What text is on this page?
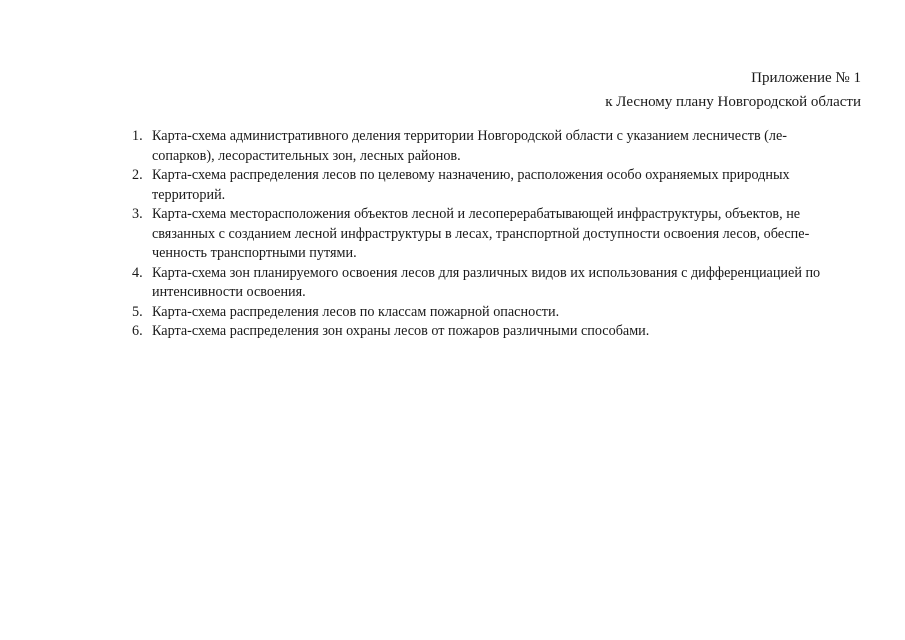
Приложение № 1
к Лесному плану Новгородской области
1. Карта-схема административного деления территории Новгородской области с указанием лесничеств (ле-
сопарков), лесорастительных зон, лесных районов.
2. Карта-схема распределения лесов по целевому назначению, расположения особо охраняемых природных
территорий.
3. Карта-схема месторасположения объектов лесной и лесоперерабатывающей инфраструктуры, объектов, не
связанных с созданием лесной инфраструктуры в лесах, транспортной доступности освоения лесов, обеспе-
ченность транспортными путями.
4. Карта-схема зон планируемого освоения лесов для различных видов их использования с дифференциацией по
интенсивности освоения.
5. Карта-схема распределения лесов по классам пожарной опасности.
6. Карта-схема распределения зон охраны лесов от пожаров различными способами.
